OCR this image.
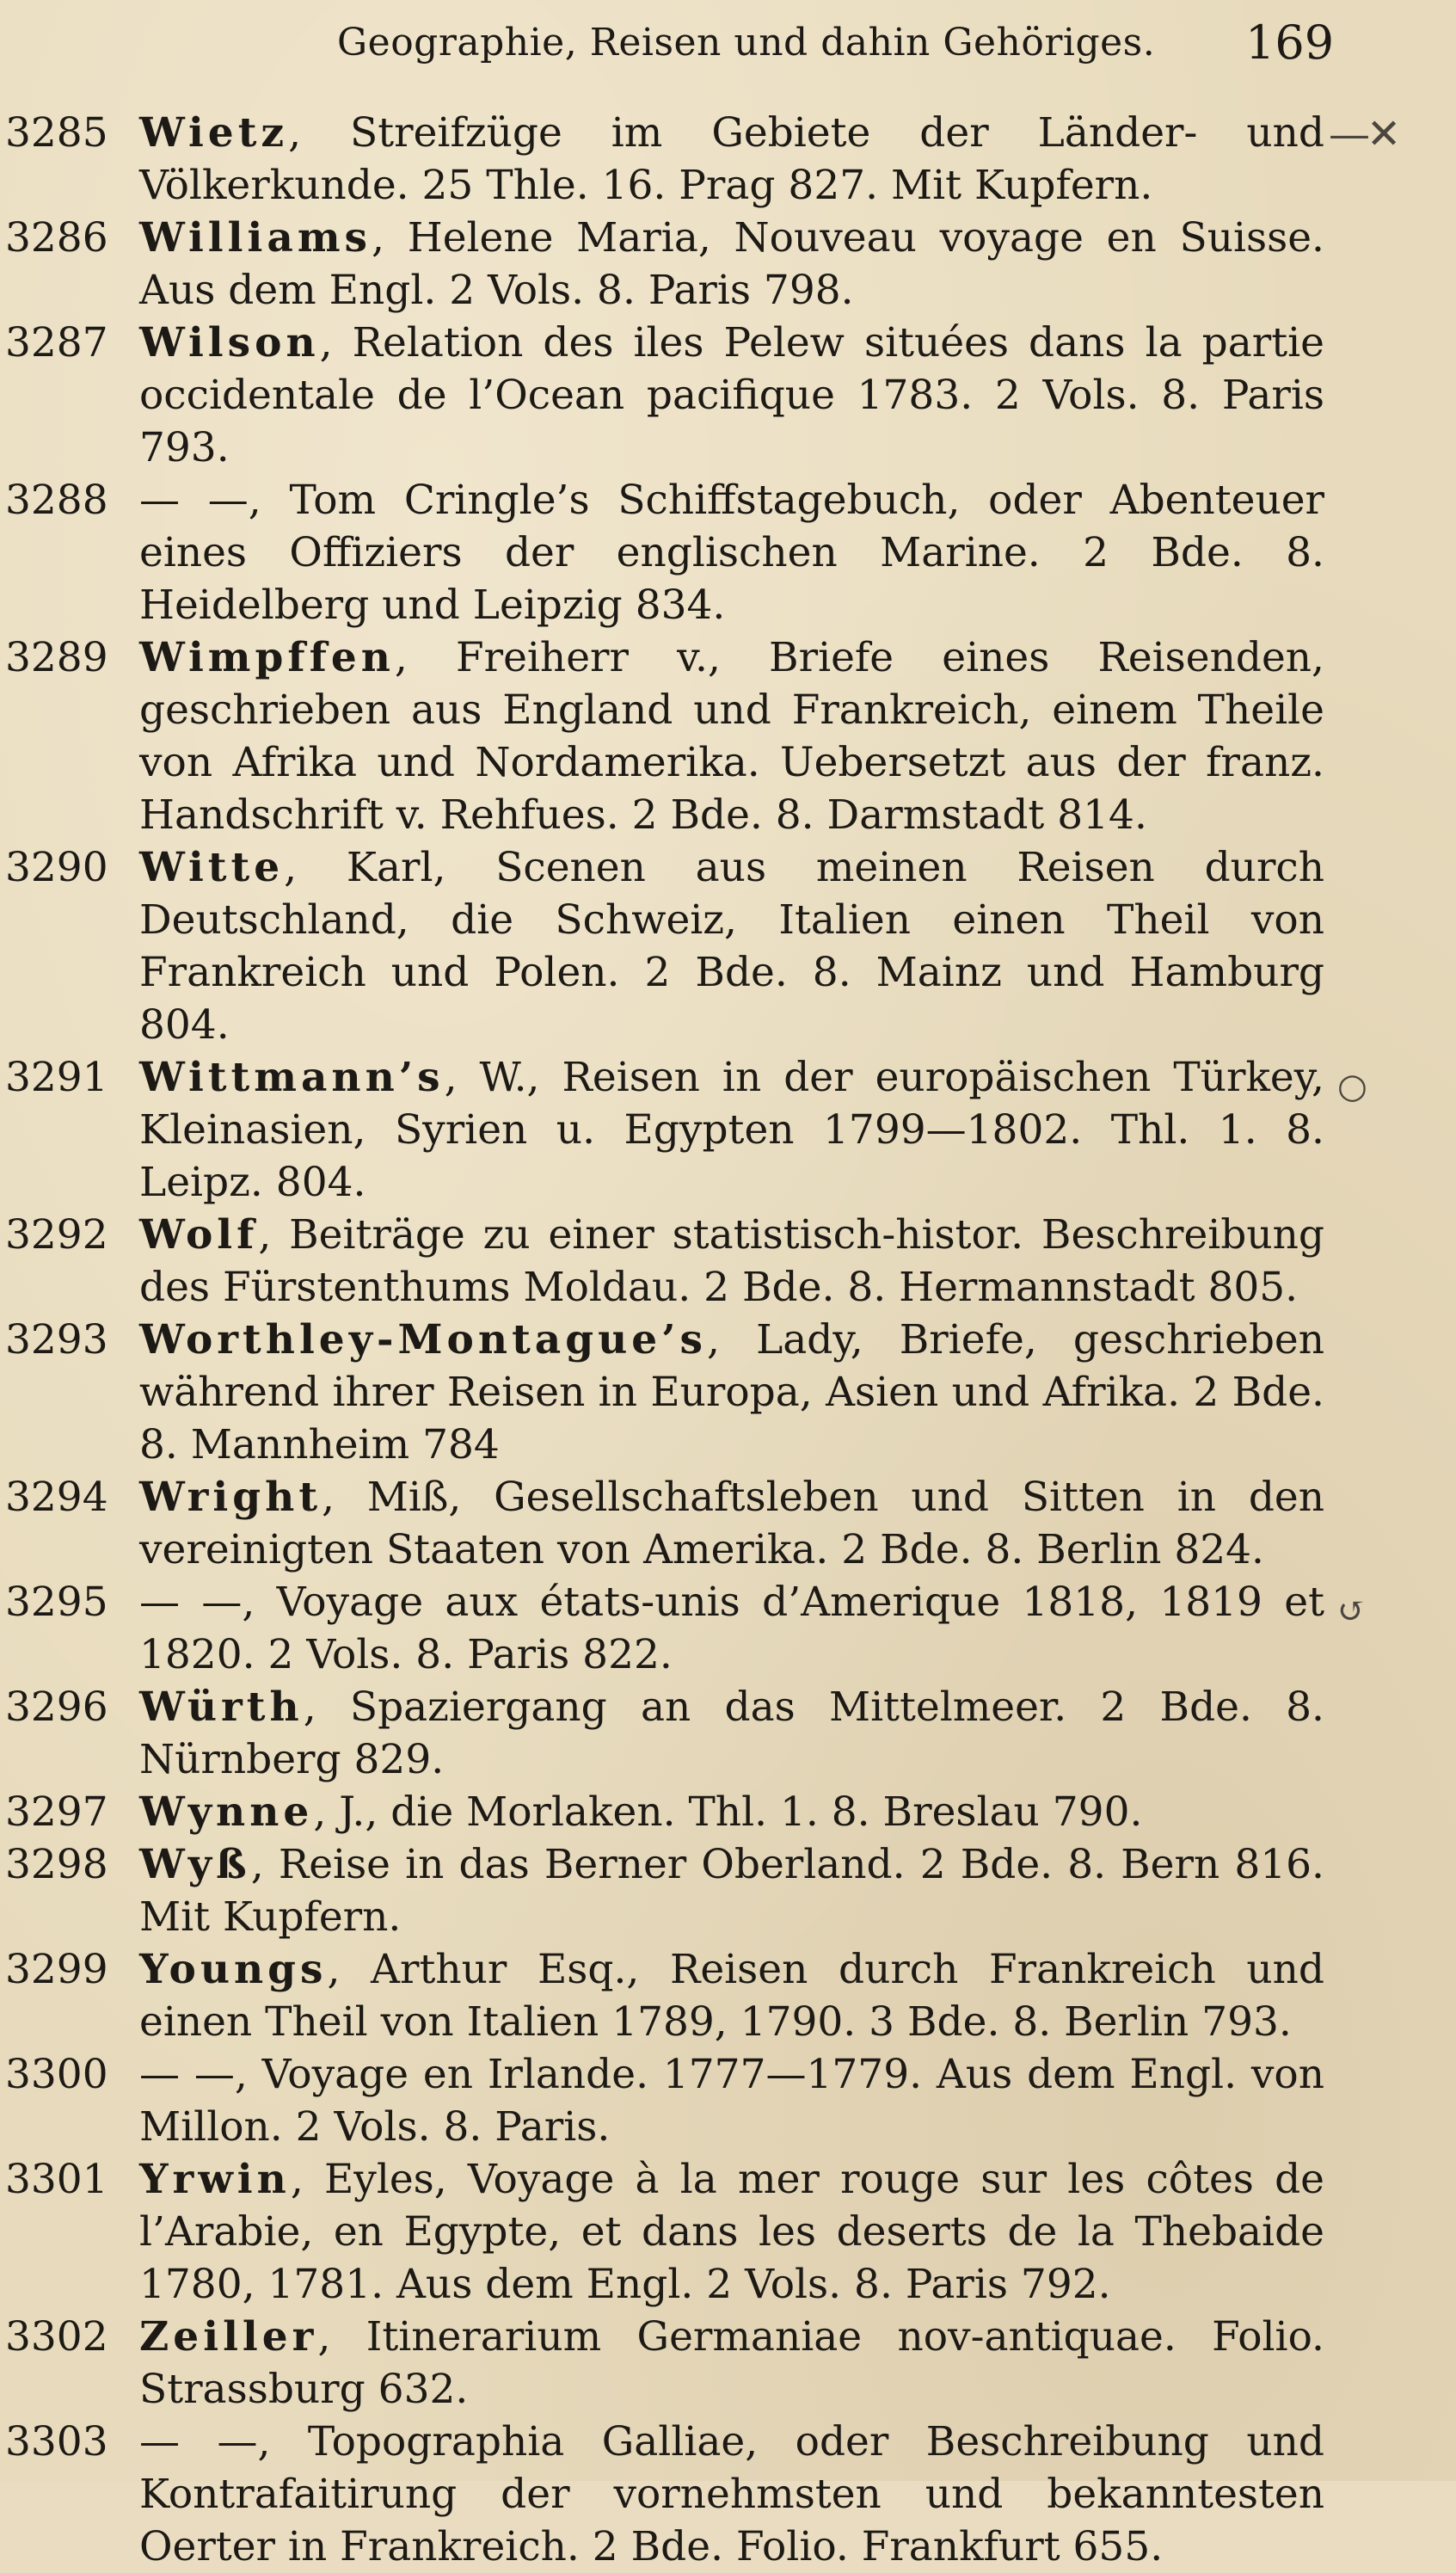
Geographie, Reisen und dahin Gehöriges. 169
—✕
○
↺
3285 Wietz, Streifzüge im Gebiete der Länder- und Völkerkunde. 25 Thle. 16. Prag 827. Mit Kupfern.
3286 Williams, Helene Maria, Nouveau voyage en Suisse. Aus dem Engl. 2 Vols. 8. Paris 798.
3287 Wilson, Relation des iles Pelew situées dans la partie occidentale de l’Ocean pacifique 1783. 2 Vols. 8. Paris 793.
3288 — —, Tom Cringle’s Schiffstagebuch, oder Abenteuer eines Offiziers der englischen Marine. 2 Bde. 8. Heidelberg und Leipzig 834.
3289 Wimpffen, Freiherr v., Briefe eines Reisenden, geschrieben aus England und Frankreich, einem Theile von Afrika und Nordamerika. Uebersetzt aus der franz. Handschrift v. Rehfues. 2 Bde. 8. Darmstadt 814.
3290 Witte, Karl, Scenen aus meinen Reisen durch Deutschland, die Schweiz, Italien einen Theil von Frankreich und Polen. 2 Bde. 8. Mainz und Hamburg 804.
3291 Wittmann’s, W., Reisen in der europäischen Türkey, Kleinasien, Syrien u. Egypten 1799—1802. Thl. 1. 8. Leipz. 804.
3292 Wolf, Beiträge zu einer statistisch-histor. Beschreibung des Fürstenthums Moldau. 2 Bde. 8. Hermannstadt 805.
3293 Worthley-Montague’s, Lady, Briefe, geschrieben während ihrer Reisen in Europa, Asien und Afrika. 2 Bde. 8. Mannheim 784
3294 Wright, Miß, Gesellschaftsleben und Sitten in den vereinigten Staaten von Amerika. 2 Bde. 8. Berlin 824.
3295 — —, Voyage aux états-unis d’Amerique 1818, 1819 et 1820. 2 Vols. 8. Paris 822.
3296 Würth, Spaziergang an das Mittelmeer. 2 Bde. 8. Nürnberg 829.
3297 Wynne, J., die Morlaken. Thl. 1. 8. Breslau 790.
3298 Wyß, Reise in das Berner Oberland. 2 Bde. 8. Bern 816. Mit Kupfern.
3299 Youngs, Arthur Esq., Reisen durch Frankreich und einen Theil von Italien 1789, 1790. 3 Bde. 8. Berlin 793.
3300 — —, Voyage en Irlande. 1777—1779. Aus dem Engl. von Millon. 2 Vols. 8. Paris.
3301 Yrwin, Eyles, Voyage à la mer rouge sur les côtes de l’Arabie, en Egypte, et dans les deserts de la Thebaide 1780, 1781. Aus dem Engl. 2 Vols. 8. Paris 792.
3302 Zeiller, Itinerarium Germaniae nov-antiquae. Folio. Strassburg 632.
3303 — —, Topographia Galliae, oder Beschreibung und Kontrafaitirung der vornehmsten und bekanntesten Oerter in Frankreich. 2 Bde. Folio. Frankfurt 655.
